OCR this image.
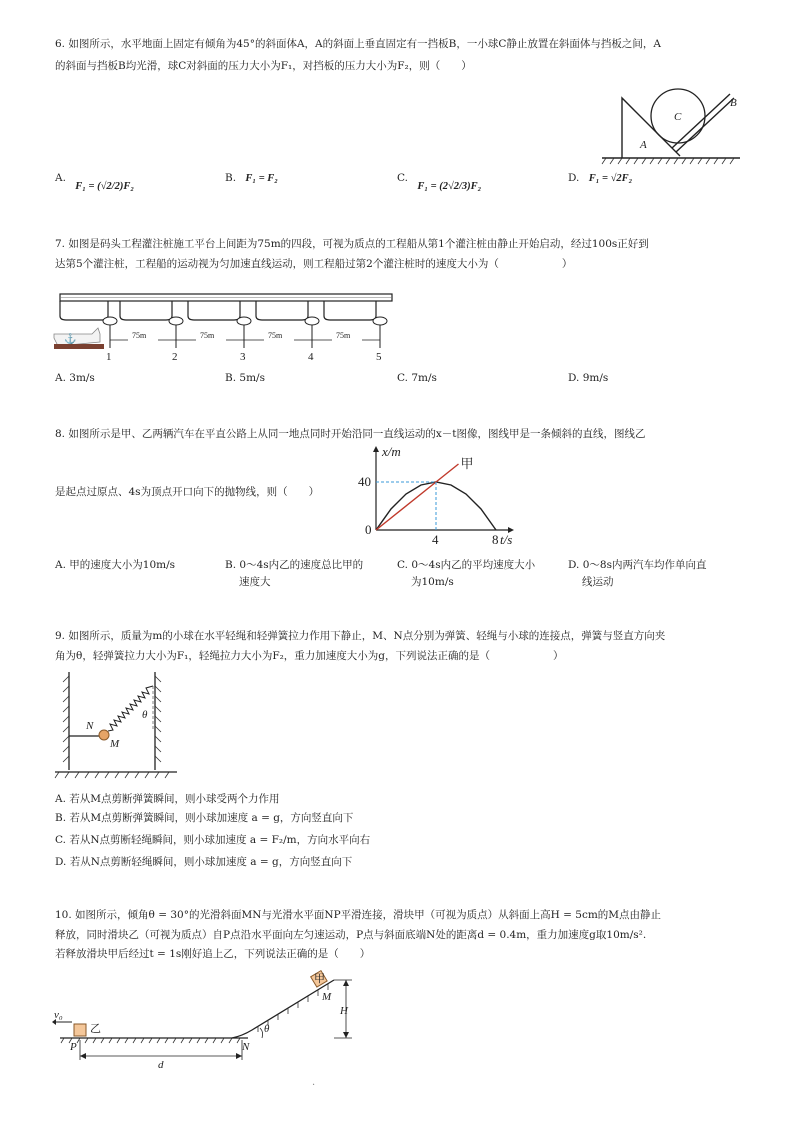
6. 如图所示，水平地面上固定有倾角为45°的斜面体A，A的斜面上垂直固定有一挡板B，一小球C静止放置在斜面体与挡板之间，A
的斜面与挡板B均光滑，球C对斜面的压力大小为F₁，对挡板的压力大小为F₂，则（　　）
C
A
B
A. F₁ = (√2/2)F₂
B. F₁ = F₂	C. F₁ = (2√2/3)F₂
D. F₁ = √2F₂
7. 如图是码头工程灌注桩施工平台上间距为75m的四段，可视为质点的工程船从第1个灌注桩由静止开始启动，经过100s正好到
达第5个灌注桩，工程船的运动视为匀加速直线运动，则工程船过第2个灌注桩时的速度大小为（　　　　　　）
75m	75m	75m	75m
⚓
1	2	3	4	5
A. 3m/s	B. 5m/s	C. 7m/s	D. 9m/s
8. 如图所示是甲、乙两辆汽车在平直公路上从同一地点同时开始沿同一直线运动的x－t图像，图线甲是一条倾斜的直线，图线乙
是起点过原点、4s为顶点开口向下的抛物线，则（　　）
0
4	8
40
甲
x/m
t/s
A. 甲的速度大小为10m/s	B. 0～4s内乙的速度总比甲的
速度大
C. 0～4s内乙的平均速度大小
为10m/s
D. 0～8s内两汽车均作单向直
线运动
9. 如图所示，质量为m的小球在水平轻绳和轻弹簧拉力作用下静止，M、N点分别为弹簧、轻绳与小球的连接点，弹簧与竖直方向夹
角为θ，轻弹簧拉力大小为F₁，轻绳拉力大小为F₂，重力加速度大小为g，下列说法正确的是（　　　　　　）
N
M
θ
A. 若从M点剪断弹簧瞬间，则小球受两个力作用
B. 若从M点剪断弹簧瞬间，则小球加速度 a = g，方向竖直向下
C. 若从N点剪断轻绳瞬间，则小球加速度 a = F₂/m，方向水平向右
D. 若从N点剪断轻绳瞬间，则小球加速度 a = g，方向竖直向下
10. 如图所示，倾角θ = 30°的光滑斜面MN与光滑水平面NP平滑连接，滑块甲（可视为质点）从斜面上高H = 5cm的M点由静止
释放，同时滑块乙（可视为质点）自P点沿水平面向左匀速运动，P点与斜面底端N处的距离d = 0.4m，重力加速度g取10m/s².
若释放滑块甲后经过t = 1s刚好追上乙，下列说法正确的是（　　）
v₀
乙
P	N
d
甲
M
H
θ
·
